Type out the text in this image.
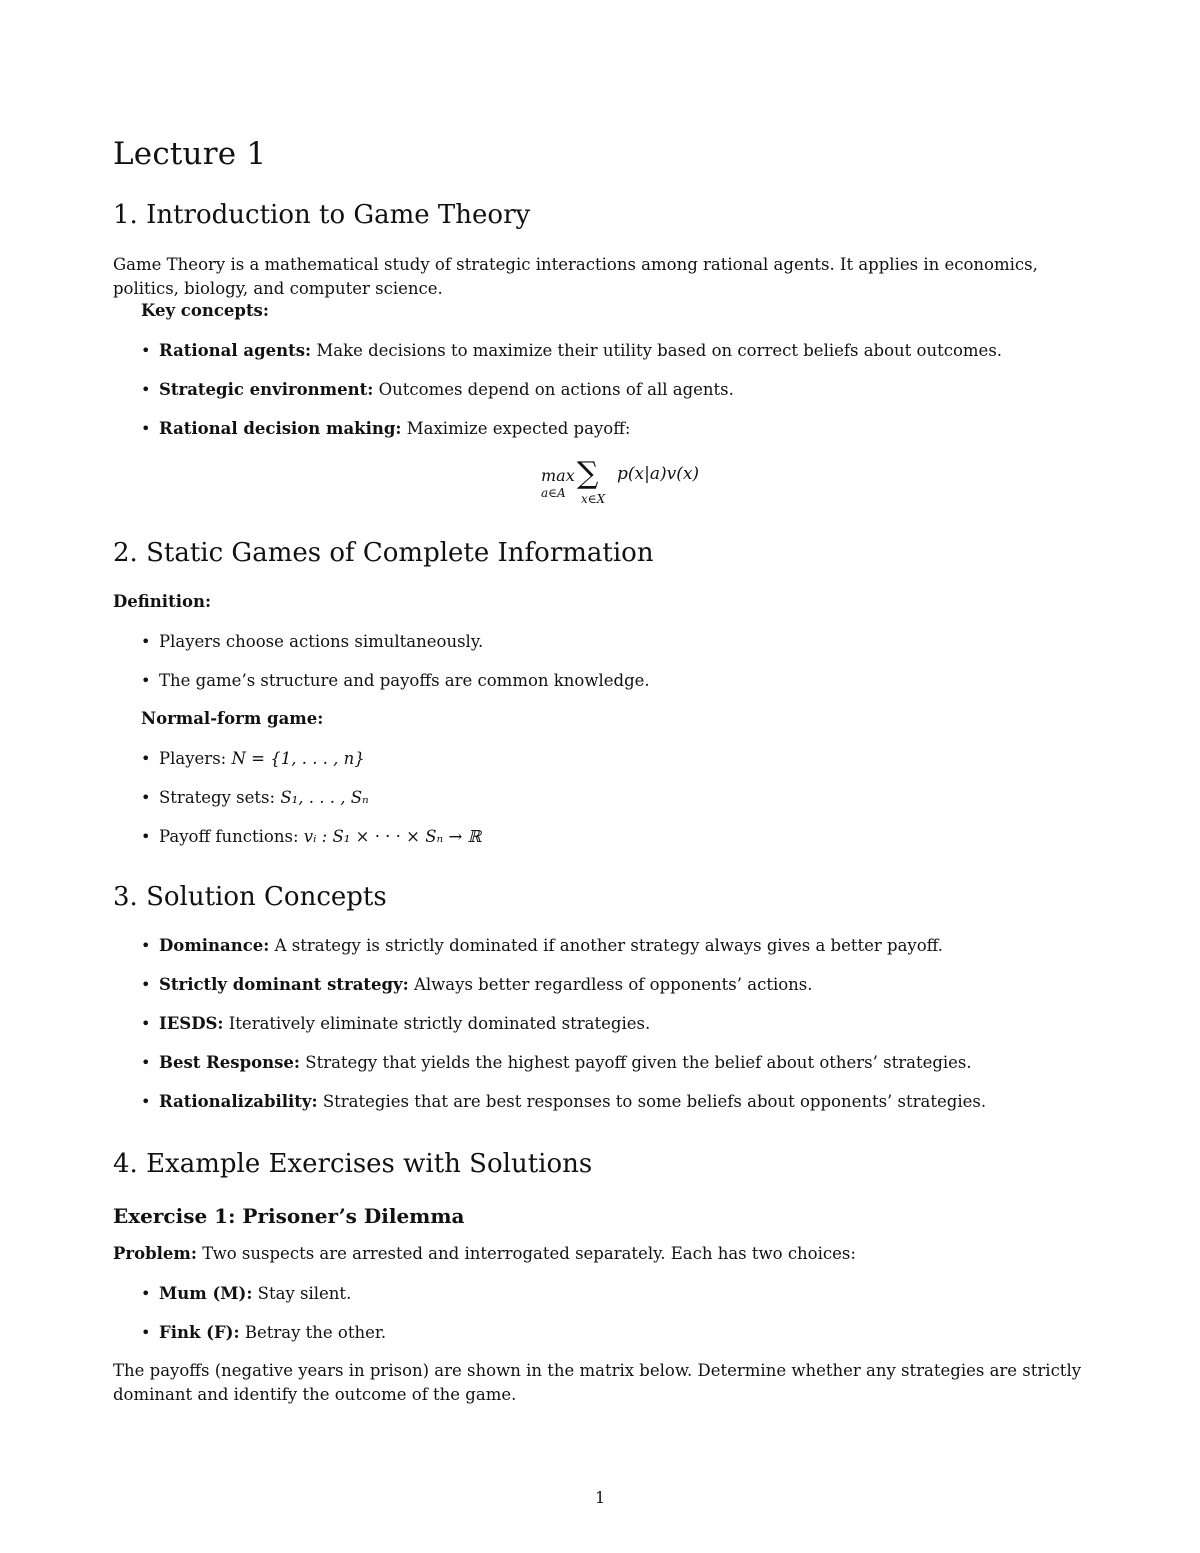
Lecture 1
1. Introduction to Game Theory

Game Theory is a mathematical study of strategic interactions among rational agents. It applies in economics, politics, biology, and computer science.

Key concepts:

• Rational agents: Make decisions to maximize their utility based on correct beliefs about outcomes.
• Strategic environment: Outcomes depend on actions of all agents.
• Rational decision making: Maximize expected payoff:
max
a∈A
∑
x∈X
p(x|a)v(x)
2. Static Games of Complete Information

Definition:

• Players choose actions simultaneously.
• The game’s structure and payoffs are common knowledge.

Normal-form game:

• Players: N = {1, . . . , n}
• Strategy sets: S₁, . . . , Sₙ
• Payoff functions: vᵢ : S₁ × · · · × Sₙ → ℝ
3. Solution Concepts
• Dominance: A strategy is strictly dominated if another strategy always gives a better payoff.
• Strictly dominant strategy: Always better regardless of opponents’ actions.
• IESDS: Iteratively eliminate strictly dominated strategies.
• Best Response: Strategy that yields the highest payoff given the belief about others’ strategies.
• Rationalizability: Strategies that are best responses to some beliefs about opponents’ strategies.
4. Example Exercises with Solutions
Exercise 1: Prisoner’s Dilemma

Problem: Two suspects are arrested and interrogated separately. Each has two choices:

• Mum (M): Stay silent.
• Fink (F): Betray the other.

The payoffs (negative years in prison) are shown in the matrix below. Determine whether any strategies are strictly dominant and identify the outcome of the game.

1
